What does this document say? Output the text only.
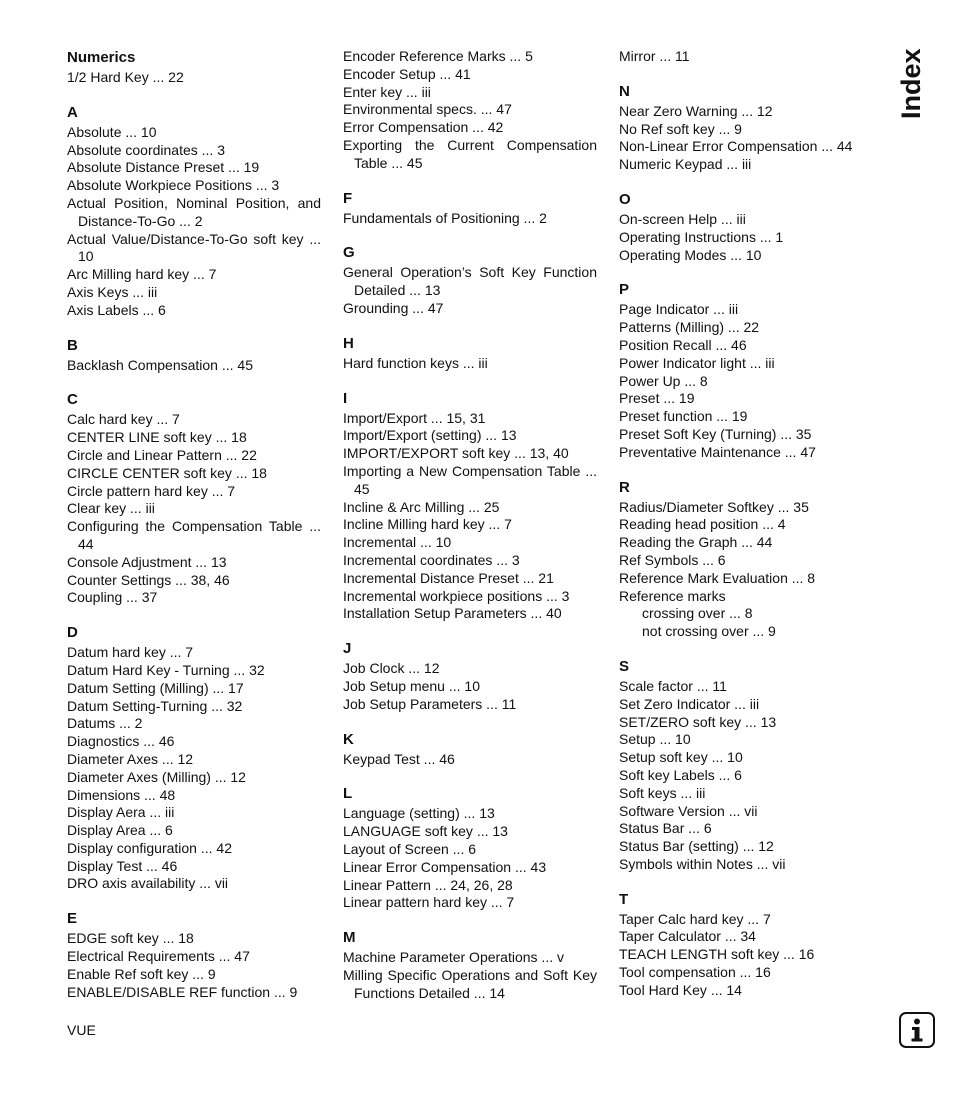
Index
Numerics
1/2 Hard Key ... 22
A
Absolute ... 10
Absolute coordinates ... 3
Absolute Distance Preset ... 19
Absolute Workpiece Positions ... 3
Actual Position, Nominal Position, and Distance-To-Go ... 2
Actual Value/Distance-To-Go soft key ... 10
Arc Milling hard key ... 7
Axis Keys ... iii
Axis Labels ... 6
B
Backlash Compensation ... 45
C
Calc hard key ... 7
CENTER LINE soft key ... 18
Circle and Linear Pattern ... 22
CIRCLE CENTER soft key ... 18
Circle pattern hard key ... 7
Clear key ... iii
Configuring the Compensation Table ... 44
Console Adjustment ... 13
Counter Settings ... 38, 46
Coupling ... 37
D
Datum hard key ... 7
Datum Hard Key - Turning ... 32
Datum Setting (Milling) ... 17
Datum Setting-Turning ... 32
Datums ... 2
Diagnostics ... 46
Diameter Axes ... 12
Diameter Axes (Milling) ... 12
Dimensions ... 48
Display Aera ... iii
Display Area ... 6
Display configuration ... 42
Display Test ... 46
DRO axis availability ... vii
E
EDGE soft key ... 18
Electrical Requirements ... 47
Enable Ref soft key ... 9
ENABLE/DISABLE REF function ... 9
Encoder Reference Marks ... 5
Encoder Setup ... 41
Enter key ... iii
Environmental specs. ... 47
Error Compensation ... 42
Exporting the Current Compensation Table ... 45
F
Fundamentals of Positioning ... 2
G
General Operation’s Soft Key Function Detailed ... 13
Grounding ... 47
H
Hard function keys ... iii
I
Import/Export ... 15, 31
Import/Export (setting) ... 13
IMPORT/EXPORT soft key ... 13, 40
Importing a New Compensation Table ... 45
Incline & Arc Milling ... 25
Incline Milling hard key ... 7
Incremental ... 10
Incremental coordinates ... 3
Incremental Distance Preset ... 21
Incremental workpiece positions ... 3
Installation Setup Parameters ... 40
J
Job Clock ... 12
Job Setup menu ... 10
Job Setup Parameters ... 11
K
Keypad Test ... 46
L
Language (setting) ... 13
LANGUAGE soft key ... 13
Layout of Screen ... 6
Linear Error Compensation ... 43
Linear Pattern ... 24, 26, 28
Linear pattern hard key ... 7
M
Machine Parameter Operations ... v
Milling Specific Operations and Soft Key Functions Detailed ... 14
Mirror ... 11
N
Near Zero Warning ... 12
No Ref soft key ... 9
Non-Linear Error Compensation ... 44
Numeric Keypad ... iii
O
On-screen Help ... iii
Operating Instructions ... 1
Operating Modes ... 10
P
Page Indicator ... iii
Patterns (Milling) ... 22
Position Recall ... 46
Power Indicator light ... iii
Power Up ... 8
Preset ... 19
Preset function ... 19
Preset Soft Key (Turning) ... 35
Preventative Maintenance ... 47
R
Radius/Diameter Softkey ... 35
Reading head position ... 4
Reading the Graph ... 44
Ref Symbols ... 6
Reference Mark Evaluation ... 8
Reference marks
crossing over ... 8
not crossing over ... 9
S
Scale factor ... 11
Set Zero Indicator ... iii
SET/ZERO soft key ... 13
Setup ... 10
Setup soft key ... 10
Soft key Labels ... 6
Soft keys ... iii
Software Version ... vii
Status Bar ... 6
Status Bar (setting) ... 12
Symbols within Notes ... vii
T
Taper Calc hard key ... 7
Taper Calculator ... 34
TEACH LENGTH soft key ... 16
Tool compensation ... 16
Tool Hard Key ... 14
VUE
